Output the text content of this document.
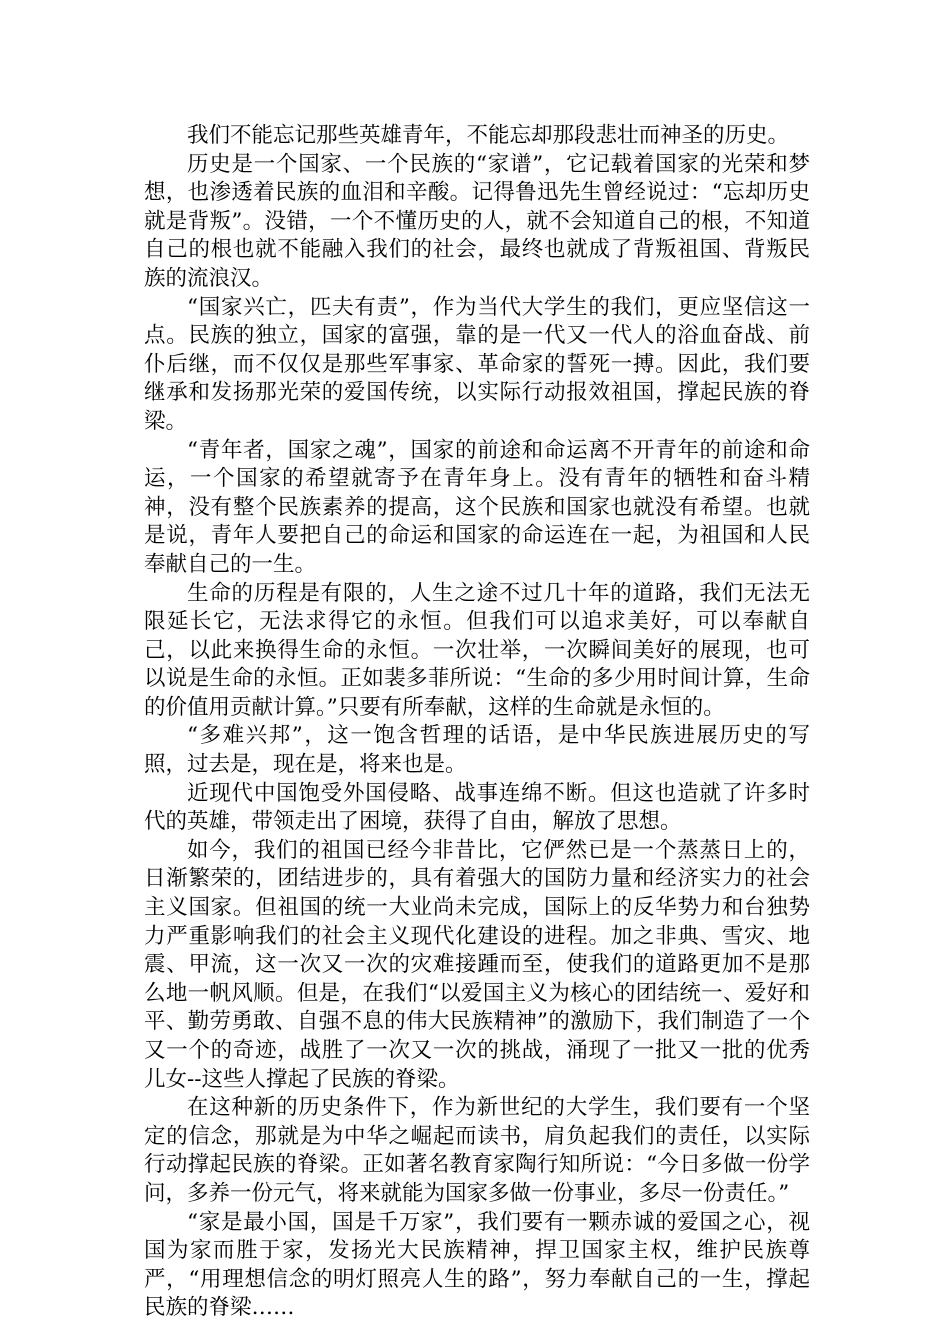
我们不能忘记那些英雄青年，不能忘却那段悲壮而神圣的历史。

历史是一个国家、一个民族的“家谱”，它记载着国家的光荣和梦想，也渗透着民族的血泪和辛酸。记得鲁迅先生曾经说过：“忘却历史就是背叛”。没错，一个不懂历史的人，就不会知道自己的根，不知道自己的根也就不能融入我们的社会，最终也就成了背叛祖国、背叛民族的流浪汉。

“国家兴亡，匹夫有责”，作为当代大学生的我们，更应坚信这一点。民族的独立，国家的富强，靠的是一代又一代人的浴血奋战、前仆后继，而不仅仅是那些军事家、革命家的誓死一搏。因此，我们要继承和发扬那光荣的爱国传统，以实际行动报效祖国，撑起民族的脊梁。

“青年者，国家之魂”，国家的前途和命运离不开青年的前途和命运，一个国家的希望就寄予在青年身上。没有青年的牺牲和奋斗精神，没有整个民族素养的提高，这个民族和国家也就没有希望。也就是说，青年人要把自己的命运和国家的命运连在一起，为祖国和人民奉献自己的一生。

生命的历程是有限的，人生之途不过几十年的道路，我们无法无限延长它，无法求得它的永恒。但我们可以追求美好，可以奉献自己，以此来换得生命的永恒。一次壮举，一次瞬间美好的展现，也可以说是生命的永恒。正如裴多菲所说：“生命的多少用时间计算，生命的价值用贡献计算。”只要有所奉献，这样的生命就是永恒的。

“多难兴邦”，这一饱含哲理的话语，是中华民族进展历史的写照，过去是，现在是，将来也是。

近现代中国饱受外国侵略、战事连绵不断。但这也造就了许多时代的英雄，带领走出了困境，获得了自由，解放了思想。

如今，我们的祖国已经今非昔比，它俨然已是一个蒸蒸日上的，日渐繁荣的，团结进步的，具有着强大的国防力量和经济实力的社会主义国家。但祖国的统一大业尚未完成，国际上的反华势力和台独势力严重影响我们的社会主义现代化建设的进程。加之非典、雪灾、地震、甲流，这一次又一次的灾难接踵而至，使我们的道路更加不是那么地一帆风顺。但是，在我们“以爱国主义为核心的团结统一、爱好和平、勤劳勇敢、自强不息的伟大民族精神”的激励下，我们制造了一个又一个的奇迹，战胜了一次又一次的挑战，涌现了一批又一批的优秀儿女--这些人撑起了民族的脊梁。

在这种新的历史条件下，作为新世纪的大学生，我们要有一个坚定的信念，那就是为中华之崛起而读书，肩负起我们的责任，以实际行动撑起民族的脊梁。正如著名教育家陶行知所说：“今日多做一份学问，多养一份元气，将来就能为国家多做一份事业，多尽一份责任。”

“家是最小国，国是千万家”，我们要有一颗赤诚的爱国之心，视国为家而胜于家，发扬光大民族精神，捍卫国家主权，维护民族尊严，“用理想信念的明灯照亮人生的路”，努力奉献自己的一生，撑起民族的脊梁……
